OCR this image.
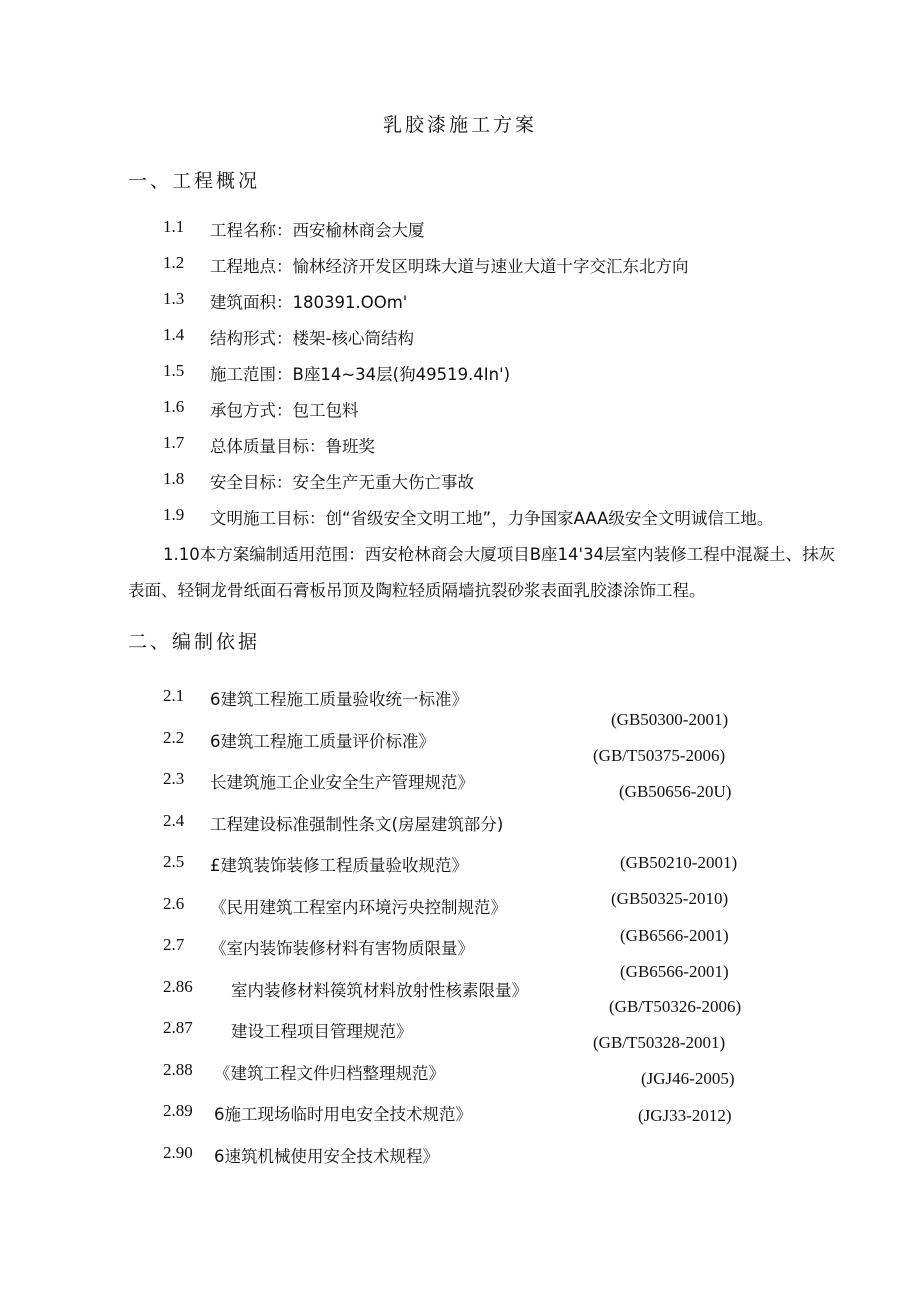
乳胶漆施工方案
一、工程概况
1.1 工程名称：西安榆林商会大厦
1.2 工程地点：愉林经济开发区明珠大道与速业大道十字交汇东北方向
1.3 建筑面积：180391.OOm'
1.4 结构形式：楼架-核心筒结构
1.5 施工范围：B座14~34层(狗49519.4In')
1.6 承包方式：包工包料
1.7 总体质量目标：鲁班奖
1.8 安全目标：安全生产无重大伤亡事故
1.9 文明施工目标：创“省级安全文明工地”，力争国家AAA级安全文明诚信工地。
1.10本方案编制适用范围：西安枪林商会大厦项目B座14'34层室内装修工程中混凝土、抹灰
表面、轻铜龙骨纸面石膏板吊顶及陶粒轻质隔墙抗裂砂浆表面乳胶漆涂饰工程。
二、编制依据
2.1 6建筑工程施工质量验收统一标准》
2.2 6建筑工程施工质量评价标准》
2.3 长建筑施工企业安全生产管理规范》
2.4 工程建设标准强制性条文(房屋建筑部分)
2.5 £建筑装饰装修工程质量验收规范》
2.6 《民用建筑工程室内环境污央控制规范》
2.7 《室内装饰装修材料有害物质限量》
2.86 室内装修材料篌筑材料放射性核素限量》
2.87 建设工程项目管理规范》
2.88 《建筑工程文件归档整理规范》
2.89 6施工现场临时用电安全技术规范》
2.90 6速筑机械使用安全技术规程》
(GB50300-2001)
(GB/T50375-2006)
(GB50656-20U)
(GB50210-2001)
(GB50325-2010)
(GB6566-2001)
(GB6566-2001)
(GB/T50326-2006)
(GB/T50328-2001)
(JGJ46-2005)
(JGJ33-2012)
